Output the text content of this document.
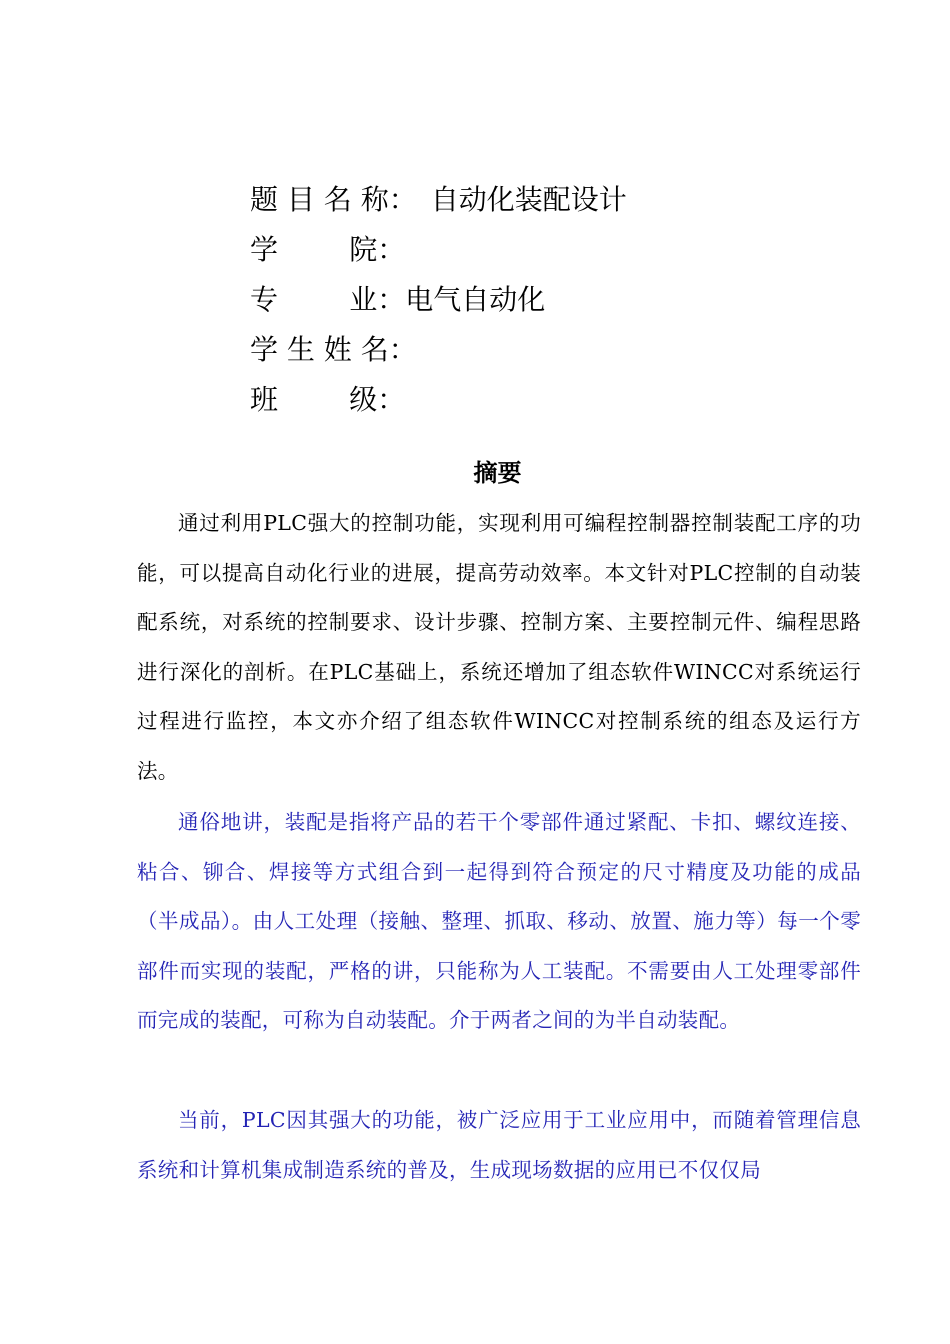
题 目 名 称： 自动化装配设计
学        院：
专        业：电气自动化
学 生 姓 名：
班        级：
摘要

通过利用PLC强大的控制功能，实现利用可编程控制器控制装配工序的功能，可以提高自动化行业的进展，提高劳动效率。本文针对PLC控制的自动装配系统，对系统的控制要求、设计步骤、控制方案、主要控制元件、编程思路进行深化的剖析。在PLC基础上，系统还增加了组态软件WINCC对系统运行过程进行监控，本文亦介绍了组态软件WINCC对控制系统的组态及运行方法。

通俗地讲，装配是指将产品的若干个零部件通过紧配、卡扣、螺纹连接、粘合、铆合、焊接等方式组合到一起得到符合预定的尺寸精度及功能的成品（半成品）。由人工处理（接触、整理、抓取、移动、放置、施力等）每一个零部件而实现的装配，严格的讲，只能称为人工装配。不需要由人工处理零部件而完成的装配，可称为自动装配。介于两者之间的为半自动装配。

当前，PLC因其强大的功能，被广泛应用于工业应用中，而随着管理信息系统和计算机集成制造系统的普及，生成现场数据的应用已不仅仅局
